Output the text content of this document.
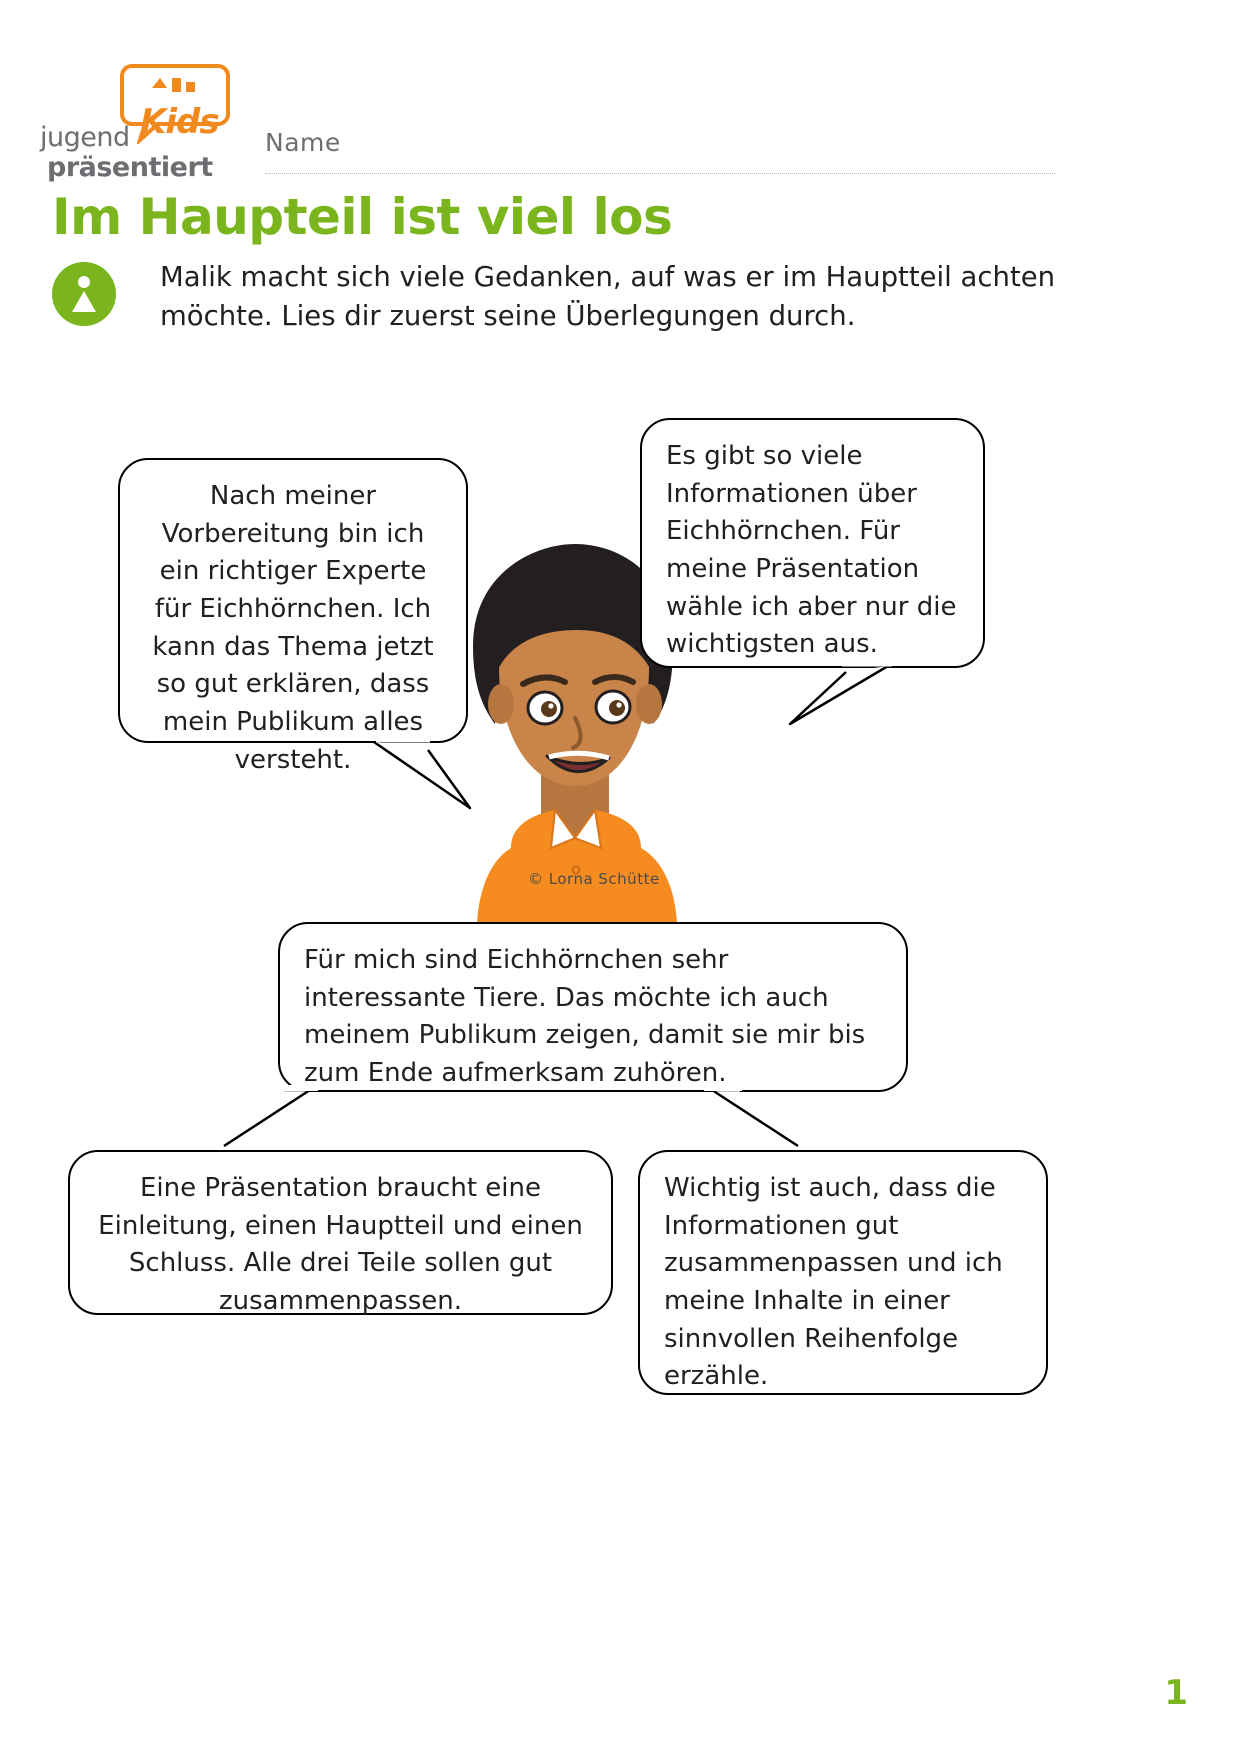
Kids
jugend
präsentiert
Name
Im Haupteil ist viel los
Malik macht sich viele Gedanken, auf was er im Hauptteil achten möchte. Lies dir zuerst seine Überlegungen durch.
© Lorna Schütte
Nach meiner Vorbereitung bin ich ein richtiger Experte für Eichhörnchen. Ich kann das Thema jetzt so gut erklären, dass mein Publikum alles versteht.
Es gibt so viele Informationen über Eichhörnchen. Für meine Präsentation wähle ich aber nur die wichtigsten aus.
Für mich sind Eichhörnchen sehr interessante Tiere. Das möchte ich auch meinem Publikum zeigen, damit sie mir bis zum Ende aufmerksam zuhören.
Eine Präsentation braucht eine Einleitung, einen Hauptteil und einen Schluss. Alle drei Teile sollen gut zusammenpassen.
Wichtig ist auch, dass die Informationen gut zusammenpassen und ich meine Inhalte in einer sinnvollen Reihenfolge erzähle.
1
